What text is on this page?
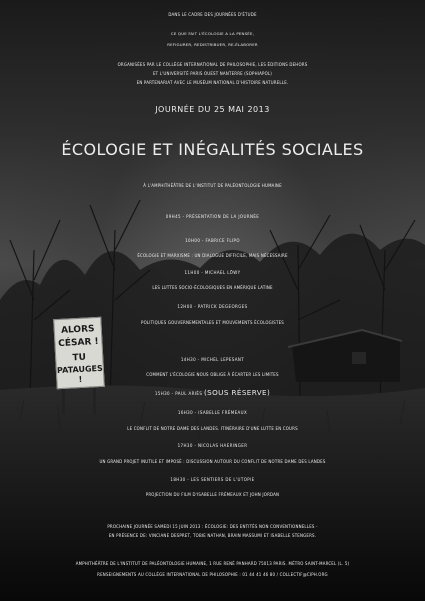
ALORS
CÉSAR !
TU
PATAUGES !
DANS LE CADRE DES JOURNÉES D'ÉTUDE
CE QUE FAIT L'ÉCOLOGIE A LA PENSÉE,
REFIGURER, REDISTRIBUER, RE-ÉLABORER
ORGANISÉES PAR LE COLLÈGE INTERNATIONAL DE PHILOSOPHIE, LES ÉDITIONS DEHORS
ET L'UNIVERSITÉ PARIS OUEST NANTERRE (SOPHIAPOL)
EN PARTENARIAT AVEC LE MUSÉUM NATIONAL D'HISTOIRE NATURELLE.
JOURNÉE DU 25 MAI 2013
ÉCOLOGIE ET INÉGALITÉS SOCIALES
À L'AMPHITHÉÂTRE DE L'INSTITUT DE PALÉONTOLOGIE HUMAINE
09H45 - PRÉSENTATION DE LA JOURNÉE
10H00 - FABRICE FLIPO
ÉCOLOGIE ET MARXISME : UN DIALOGUE DIFFICILE, MAIS NÉCESSAIRE
11H00 - MICHAEL LÖWY
LES LUTTES SOCIO-ÉCOLOGIQUES EN AMÉRIQUE LATINE
12H00 - PATRICK DEGEORGES
POLITIQUES GOUVERNEMENTALES ET MOUVEMENTS ÉCOLOGISTES
14H30 - MICHEL LEPESANT
COMMENT L'ÉCOLOGIE NOUS OBLIGE À ÉCARTER LES LIMITES
15H30 - PAUL ARIÈS (SOUS RÉSERVE)
16H30 - ISABELLE FRÉMEAUX
LE CONFLIT DE NOTRE DAME DES LANDES. ITINÉRAIRE D'UNE LUTTE EN COURS
17H30 - NICOLAS HAERINGER
UN GRAND PROJET INUTILE ET IMPOSÉ : DISCUSSION AUTOUR DU CONFLIT DE NOTRE DAME DES LANDES
18H30 - LES SENTIERS DE L'UTOPIE
PROJECTION DU FILM D'ISABELLE FRÉMEAUX ET JOHN JORDAN
PROCHAINE JOURNÉE SAMEDI 15 JUIN 2013 : ÉCOLOGIE: DES ENTITÉS NON CONVENTIONNELLES -
EN PRÉSENCE DE: VINCIANE DESPRET, TOBIE NATHAN, BRAIN MASSUMI ET ISABELLE STENGERS.
AMPHITHÉÂTRE DE L'INSTITUT DE PALÉONTOLOGIE HUMAINE, 1 RUE RENÉ PANHARD 75013 PARIS. MÉTRO SAINT-MARCEL (L. 5)
RENSEIGNEMENTS AU COLLÈGE INTERNATIONAL DE PHILOSOPHIE : 01 44 41 46 80 / COLLECTIF@CIPH.ORG
